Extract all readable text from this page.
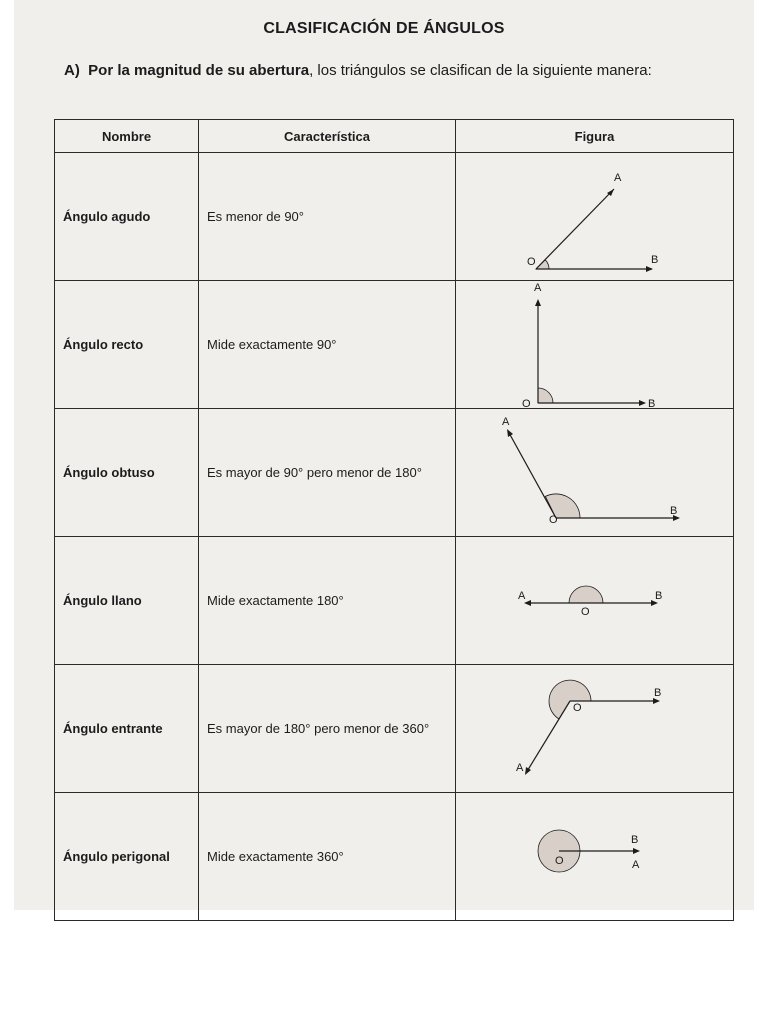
CLASIFICACIÓN DE ÁNGULOS
A) Por la magnitud de su abertura, los triángulos se clasifican de la siguiente manera:
Nombre	Característica	Figura
Ángulo agudo	Es menor de 90°	A
O B

Ángulo recto	Mide exactamente 90°	A
O B

Ángulo obtuso	Es mayor de 90° pero menor de 180°	A
O
B

Ángulo llano	Mide exactamente 180°	A
O
B

Ángulo entrante	Es mayor de 180° pero menor de 360°	B
O
A

Ángulo perigonal	Mide exactamente 360°	B
O A
